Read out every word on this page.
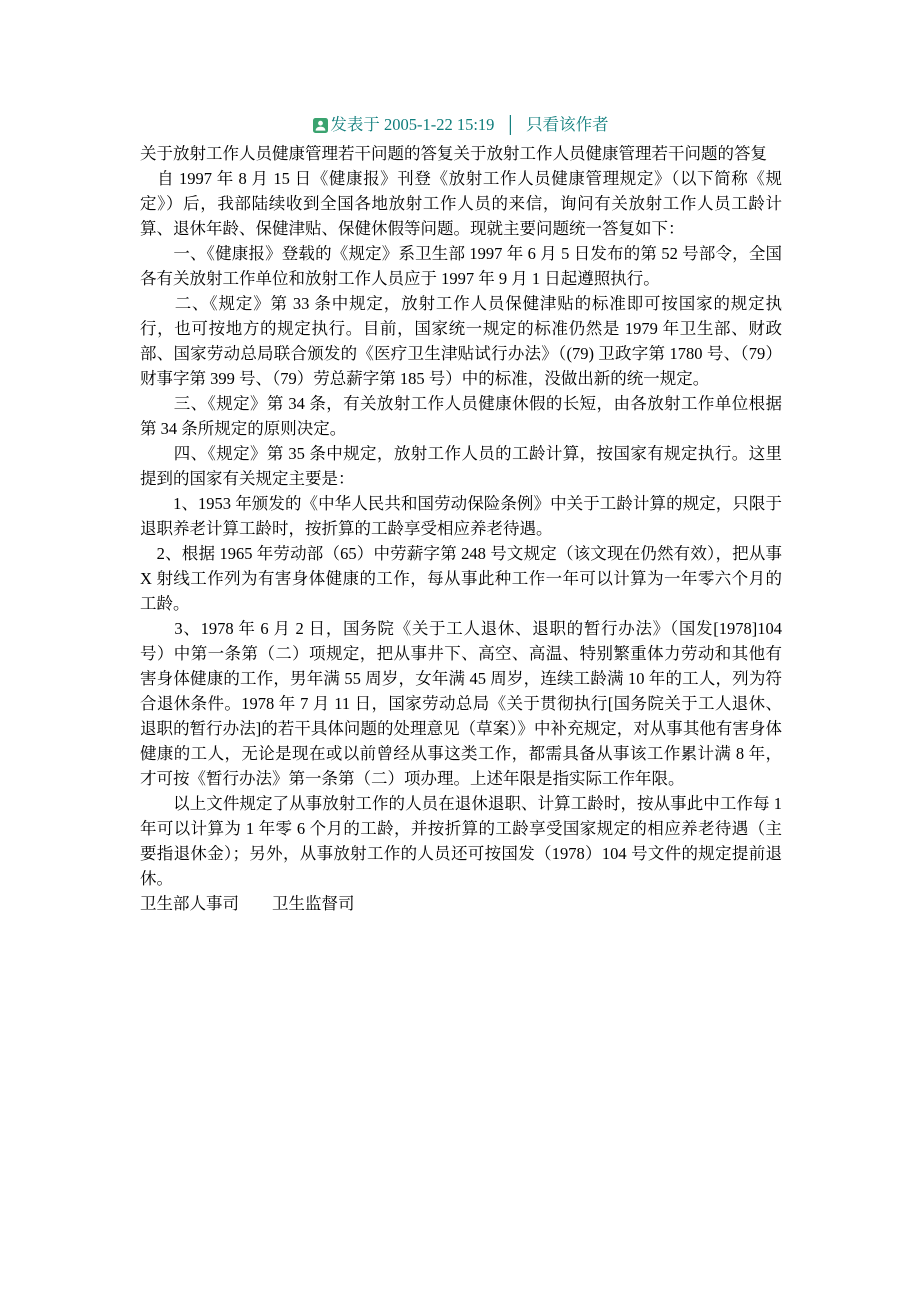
发表于 2005-1-22 15:19 │ 只看该作者

关于放射工作人员健康管理若干问题的答复关于放射工作人员健康管理若干问题的答复

　自 1997 年 8 月 15 日《健康报》刊登《放射工作人员健康管理规定》（以下简称《规定》）后，我部陆续收到全国各地放射工作人员的来信，询问有关放射工作人员工龄计算、退休年龄、保健津贴、保健休假等问题。现就主要问题统一答复如下：

　　一、《健康报》登载的《规定》系卫生部 1997 年 6 月 5 日发布的第 52 号部令，全国各有关放射工作单位和放射工作人员应于 1997 年 9 月 1 日起遵照执行。

　　二、《规定》第 33 条中规定，放射工作人员保健津贴的标准即可按国家的规定执行，也可按地方的规定执行。目前，国家统一规定的标准仍然是 1979 年卫生部、财政部、国家劳动总局联合颁发的《医疗卫生津贴试行办法》（(79) 卫政字第 1780 号、（79）财事字第 399 号、（79）劳总薪字第 185 号）中的标准，没做出新的统一规定。

　　三、《规定》第 34 条，有关放射工作人员健康休假的长短，由各放射工作单位根据第 34 条所规定的原则决定。

　　四、《规定》第 35 条中规定，放射工作人员的工龄计算，按国家有规定执行。这里提到的国家有关规定主要是：

　　1、1953 年颁发的《中华人民共和国劳动保险条例》中关于工龄计算的规定，只限于退职养老计算工龄时，按折算的工龄享受相应养老待遇。

　2、根据 1965 年劳动部（65）中劳薪字第 248 号文规定（该文现在仍然有效），把从事 X 射线工作列为有害身体健康的工作，每从事此种工作一年可以计算为一年零六个月的工龄。

　　3、1978 年 6 月 2 日，国务院《关于工人退休、退职的暂行办法》（国发[1978]104 号）中第一条第（二）项规定，把从事井下、高空、高温、特别繁重体力劳动和其他有害身体健康的工作，男年满 55 周岁，女年满 45 周岁，连续工龄满 10 年的工人，列为符合退休条件。1978 年 7 月 11 日，国家劳动总局《关于贯彻执行[国务院关于工人退休、退职的暂行办法]的若干具体问题的处理意见（草案）》中补充规定，对从事其他有害身体健康的工人，无论是现在或以前曾经从事这类工作，都需具备从事该工作累计满 8 年，才可按《暂行办法》第一条第（二）项办理。上述年限是指实际工作年限。

　　以上文件规定了从事放射工作的人员在退休退职、计算工龄时，按从事此中工作每 1 年可以计算为 1 年零 6 个月的工龄，并按折算的工龄享受国家规定的相应养老待遇（主要指退休金）；另外，从事放射工作的人员还可按国发（1978）104 号文件的规定提前退休。

卫生部人事司　　卫生监督司
